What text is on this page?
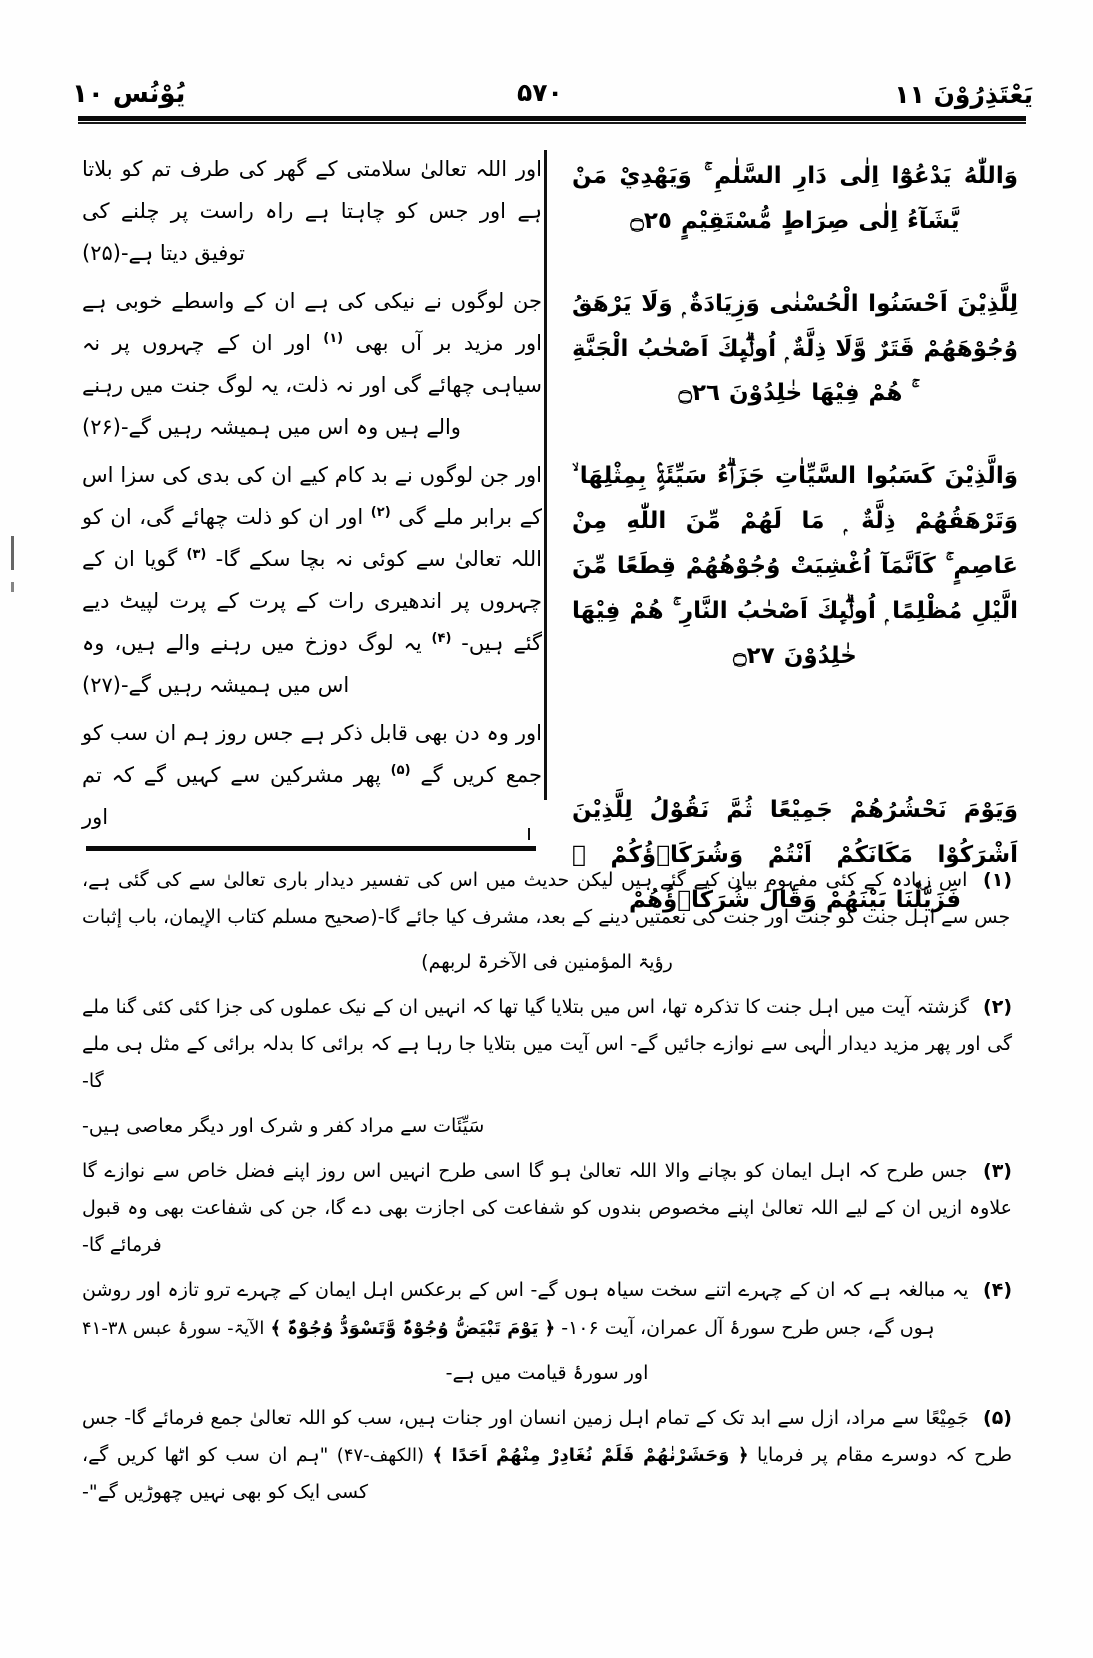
يَعْتَذِرُوْنَ ١١
۵۷۰
يُوْنُس ١٠

وَاللّٰهُ يَدْعُوْٓا اِلٰى دَارِ السَّلٰمِ ۚ وَيَهْدِيْ مَنْ يَّشَآءُ اِلٰى صِرَاطٍ مُّسْتَقِيْمٍ ۝٢٥

لِلَّذِيْنَ اَحْسَنُوا الْحُسْنٰى وَزِيَادَةٌ ۭ وَلَا يَرْهَقُ وُجُوْهَهُمْ قَتَرٌ وَّلَا ذِلَّةٌ ۭ اُولٰۗىِٕكَ اَصْحٰبُ الْجَنَّةِ ۚ هُمْ فِيْهَا خٰلِدُوْنَ ۝٢٦

وَالَّذِيْنَ كَسَبُوا السَّيِّاٰتِ جَزَاۗءُ سَيِّئَةٍۢ بِمِثْلِهَا ۙ وَتَرْهَقُهُمْ ذِلَّةٌ ۭ مَا لَهُمْ مِّنَ اللّٰهِ مِنْ عَاصِمٍ ۚ كَاَنَّمَآ اُغْشِيَتْ وُجُوْهُهُمْ قِطَعًا مِّنَ الَّيْلِ مُظْلِمًا ۭ اُولٰۗىِٕكَ اَصْحٰبُ النَّارِ ۚ هُمْ فِيْهَا خٰلِدُوْنَ ۝٢٧

وَيَوْمَ نَحْشُرُهُمْ جَمِيْعًا ثُمَّ نَقُوْلُ لِلَّذِيْنَ اَشْرَكُوْا مَكَانَكُمْ اَنْتُمْ وَشُرَكَاۗؤُكُمْ ۚ فَزَيَّلْنَا بَيْنَهُمْ وَقَالَ شُرَكَاۗؤُهُمْ

اور اللہ تعالیٰ سلامتی کے گھر کی طرف تم کو بلاتا ہے اور جس کو چاہتا ہے راہ راست پر چلنے کی توفیق دیتا ہے-(۲۵)

جن لوگوں نے نیکی کی ہے ان کے واسطے خوبی ہے اور مزید بر آں بھی $^{(۱)}$ اور ان کے چہروں پر نہ سیاہی چھائے گی اور نہ ذلت، یہ لوگ جنت میں رہنے والے ہیں وہ اس میں ہمیشہ رہیں گے-(۲۶)

اور جن لوگوں نے بد کام کیے ان کی بدی کی سزا اس کے برابر ملے گی $^{(۲)}$ اور ان کو ذلت چھائے گی، ان کو اللہ تعالیٰ سے کوئی نہ بچا سکے گا- $^{(۳)}$ گویا ان کے چہروں پر اندھیری رات کے پرت کے پرت لپیٹ دیے گئے ہیں- $^{(۴)}$ یہ لوگ دوزخ میں رہنے والے ہیں، وہ اس میں ہمیشہ رہیں گے-(۲۷)

اور وہ دن بھی قابل ذکر ہے جس روز ہم ان سب کو جمع کریں گے $^{(۵)}$ پھر مشرکین سے کہیں گے کہ تم اور

(۱) اس زیادہ کے کئی مفہوم بیان کیے گئے ہیں لیکن حدیث میں اس کی تفسیر دیدار باری تعالیٰ سے کی گئی ہے، جس سے اہل جنت کو جنت اور جنت کی نعمتیں دینے کے بعد، مشرف کیا جائے گا-(صحیح مسلم کتاب الإیمان، باب إثبات

رؤیۃ المؤمنین فی الآخرۃ لربھم)

(۲) گزشتہ آیت میں اہل جنت کا تذکرہ تھا، اس میں بتلایا گیا تھا کہ انہیں ان کے نیک عملوں کی جزا کئی کئی گنا ملے گی اور پھر مزید دیدار الٰہی سے نوازے جائیں گے- اس آیت میں بتلایا جا رہا ہے کہ برائی کا بدلہ برائی کے مثل ہی ملے گا-

سَیِّئَات سے مراد کفر و شرک اور دیگر معاصی ہیں-

(۳) جس طرح کہ اہل ایمان کو بچانے والا اللہ تعالیٰ ہو گا اسی طرح انہیں اس روز اپنے فضل خاص سے نوازے گا علاوہ ازیں ان کے لیے اللہ تعالیٰ اپنے مخصوص بندوں کو شفاعت کی اجازت بھی دے گا، جن کی شفاعت بھی وہ قبول فرمائے گا-

(۴) یہ مبالغہ ہے کہ ان کے چہرے اتنے سخت سیاہ ہوں گے- اس کے برعکس اہل ایمان کے چہرے ترو تازہ اور روشن ہوں گے، جس طرح سورۂ آل عمران، آیت ۱۰۶- ﴿ یَوْمَ تَبْیَضُّ وُجُوْہٌ وَّتَسْوَدُّ وُجُوْہٌ ﴾ الآیۃ- سورۂ عبس ۳۸-۴۱

اور سورۂ قیامت میں ہے-

(۵) جَمِیْعًا سے مراد، ازل سے ابد تک کے تمام اہل زمین انسان اور جنات ہیں، سب کو اللہ تعالیٰ جمع فرمائے گا- جس طرح کہ دوسرے مقام پر فرمایا ﴿ وَحَشَرْنٰهُمْ فَلَمْ نُغَادِرْ مِنْهُمْ اَحَدًا ﴾ (الکھف-۴۷) "ہم ان سب کو اٹھا کریں گے، کسی ایک کو بھی نہیں چھوڑیں گے"-
